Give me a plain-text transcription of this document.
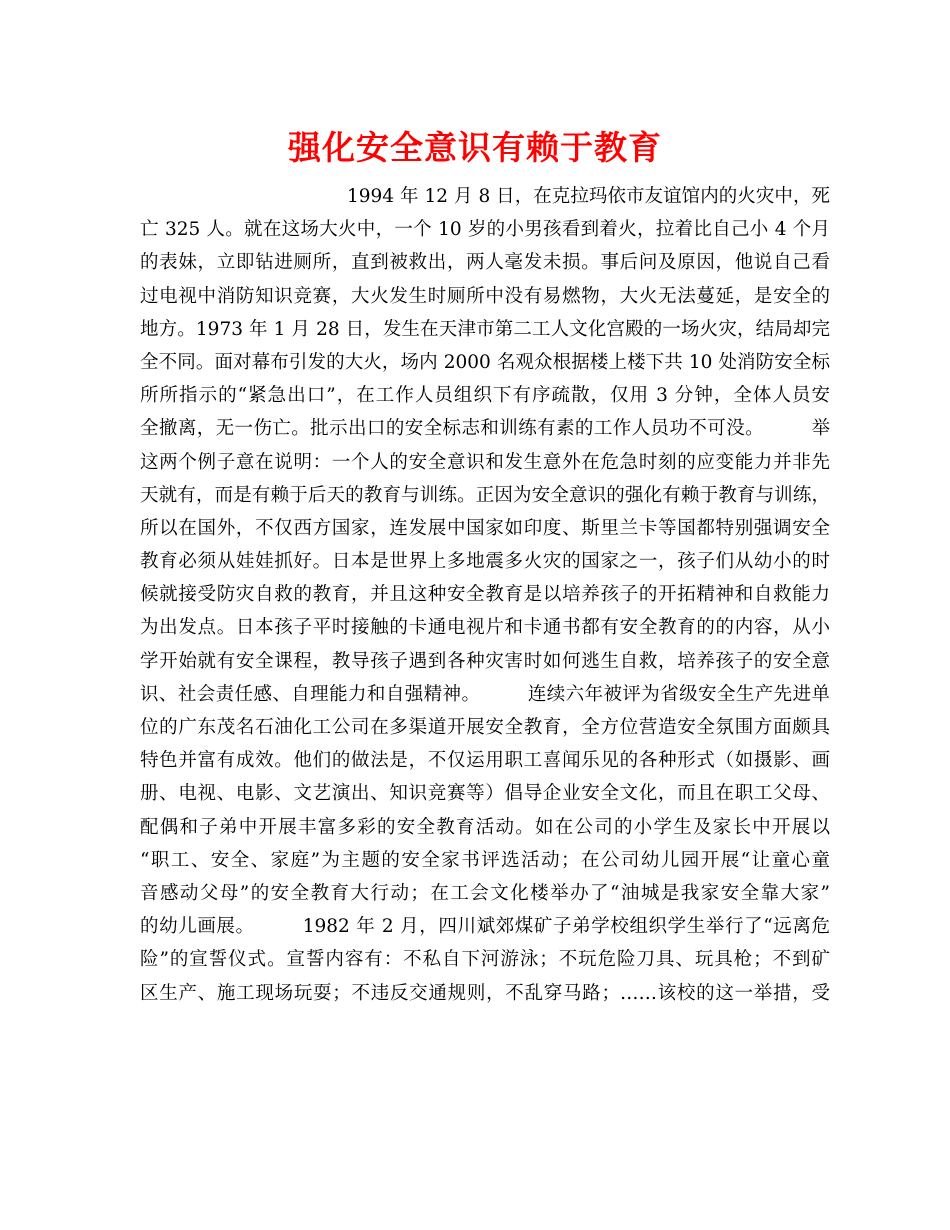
强化安全意识有赖于教育
1994 年 12 月 8 日，在克拉玛依市友谊馆内的火灾中，死
亡 325 人。就在这场大火中，一个 10 岁的小男孩看到着火，拉着比自己小 4 个月
的表妹，立即钻进厕所，直到被救出，两人毫发未损。事后问及原因，他说自己看
过电视中消防知识竞赛，大火发生时厕所中没有易燃物，大火无法蔓延，是安全的
地方。1973 年 1 月 28 日，发生在天津市第二工人文化宫殿的一场火灾，结局却完
全不同。面对幕布引发的大火，场内 2000 名观众根据楼上楼下共 10 处消防安全标
所所指示的“紧急出口”，在工作人员组织下有序疏散，仅用 3 分钟，全体人员安
全撤离，无一伤亡。批示出口的安全标志和训练有素的工作人员功不可没。　　　举
这两个例子意在说明：一个人的安全意识和发生意外在危急时刻的应变能力并非先
天就有，而是有赖于后天的教育与训练。正因为安全意识的强化有赖于教育与训练，
所以在国外，不仅西方国家，连发展中国家如印度、斯里兰卡等国都特别强调安全
教育必须从娃娃抓好。日本是世界上多地震多火灾的国家之一，孩子们从幼小的时
候就接受防灾自救的教育，并且这种安全教育是以培养孩子的开拓精神和自救能力
为出发点。日本孩子平时接触的卡通电视片和卡通书都有安全教育的的内容，从小
学开始就有安全课程，教导孩子遇到各种灾害时如何逃生自救，培养孩子的安全意
识、社会责任感、自理能力和自强精神。　　　连续六年被评为省级安全生产先进单
位的广东茂名石油化工公司在多渠道开展安全教育，全方位营造安全氛围方面颇具
特色并富有成效。他们的做法是，不仅运用职工喜闻乐见的各种形式（如摄影、画
册、电视、电影、文艺演出、知识竞赛等）倡导企业安全文化，而且在职工父母、
配偶和子弟中开展丰富多彩的安全教育活动。如在公司的小学生及家长中开展以
“职工、安全、家庭”为主题的安全家书评选活动；在公司幼儿园开展“让童心童
音感动父母”的安全教育大行动；在工会文化楼举办了“油城是我家安全靠大家”
的幼儿画展。　　　1982 年 2 月，四川斌郊煤矿子弟学校组织学生举行了“远离危
险”的宣誓仪式。宣誓内容有：不私自下河游泳；不玩危险刀具、玩具枪；不到矿
区生产、施工现场玩耍；不违反交通规则，不乱穿马路；……该校的这一举措，受
